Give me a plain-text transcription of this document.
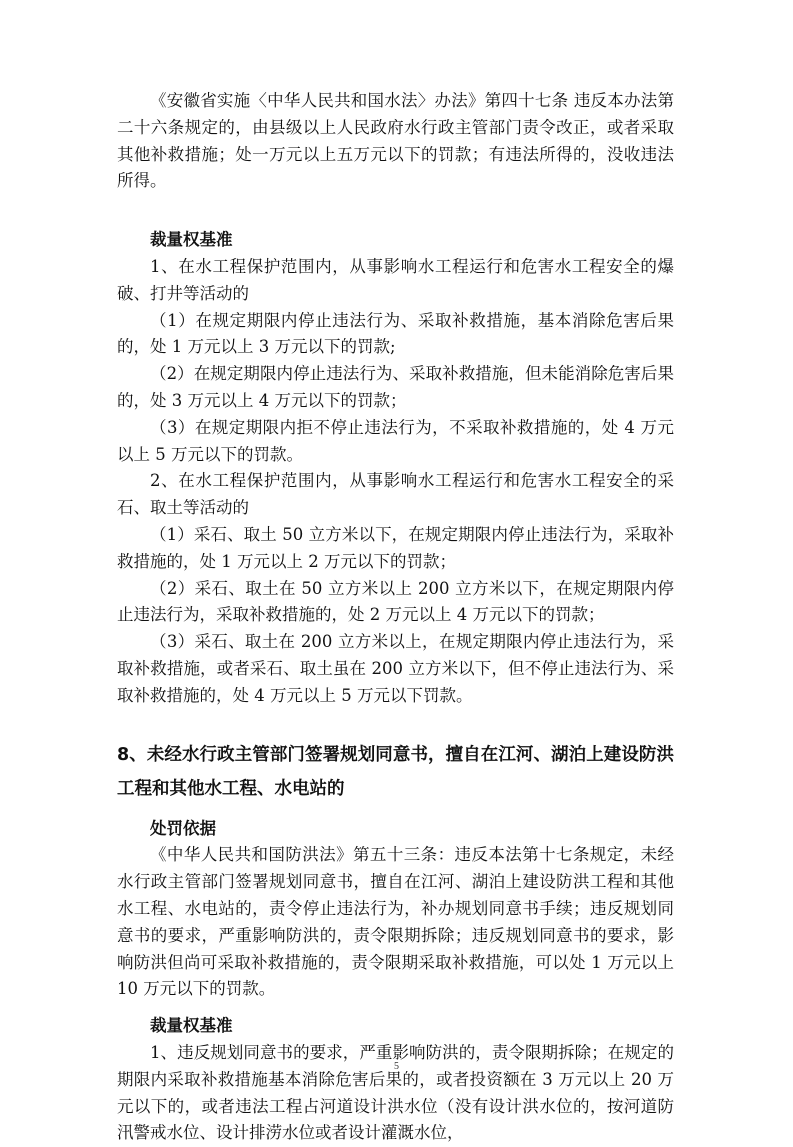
《安徽省实施〈中华人民共和国水法〉办法》第四十七条 违反本办法第二十六条规定的，由县级以上人民政府水行政主管部门责令改正，或者采取其他补救措施；处一万元以上五万元以下的罚款；有违法所得的，没收违法所得。

裁量权基准

1、在水工程保护范围内，从事影响水工程运行和危害水工程安全的爆破、打井等活动的

（1）在规定期限内停止违法行为、采取补救措施，基本消除危害后果的，处 1 万元以上 3 万元以下的罚款;

（2）在规定期限内停止违法行为、采取补救措施，但未能消除危害后果的，处 3 万元以上 4 万元以下的罚款；

（3）在规定期限内拒不停止违法行为，不采取补救措施的，处 4 万元以上 5 万元以下的罚款。

2、在水工程保护范围内，从事影响水工程运行和危害水工程安全的采石、取土等活动的

（1）采石、取土 50 立方米以下，在规定期限内停止违法行为，采取补救措施的，处 1 万元以上 2 万元以下的罚款；

（2）采石、取土在 50 立方米以上 200 立方米以下，在规定期限内停止违法行为，采取补救措施的，处 2 万元以上 4 万元以下的罚款；

（3）采石、取土在 200 立方米以上，在规定期限内停止违法行为，采取补救措施，或者采石、取土虽在 200 立方米以下，但不停止违法行为、采取补救措施的，处 4 万元以上 5 万元以下罚款。

8、未经水行政主管部门签署规划同意书，擅自在江河、湖泊上建设防洪工程和其他水工程、水电站的

处罚依据

《中华人民共和国防洪法》第五十三条：违反本法第十七条规定，未经水行政主管部门签署规划同意书，擅自在江河、湖泊上建设防洪工程和其他水工程、水电站的，责令停止违法行为，补办规划同意书手续；违反规划同意书的要求，严重影响防洪的，责令限期拆除；违反规划同意书的要求，影响防洪但尚可采取补救措施的，责令限期采取补救措施，可以处 1 万元以上 10 万元以下的罚款。

裁量权基准

1、违反规划同意书的要求，严重影响防洪的，责令限期拆除；在规定的期限内采取补救措施基本消除危害后果的，或者投资额在 3 万元以上 20 万元以下的，或者违法工程占河道设计洪水位（没有设计洪水位的，按河道防汛警戒水位、设计排涝水位或者设计灌溉水位，

5
